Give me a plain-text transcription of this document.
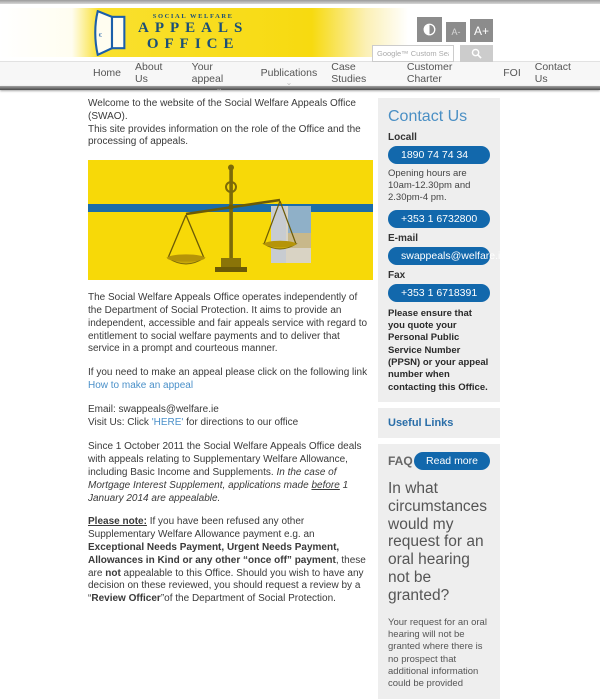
€
SOCIAL WELFARE
APPEALS
OFFICE
A-	A+
Google™ Custom Search
Home About Us
Your appeal
⌄
Publications
⌄
Case Studies
Customer Charter	FOI Contact Us

Welcome to the website of the Social Welfare Appeals Office (SWAO).
This site provides information on the role of the Office and the processing of appeals.

The Social Welfare Appeals Office operates independently of the Department of Social Protection. It aims to provide an independent, accessible and fair appeals service with regard to entitlement to social welfare payments and to deliver that service in a prompt and courteous manner.

If you need to make an appeal please click on the following link How to make an appeal

Email: swappeals@welfare.ie
Visit Us: Click 'HERE' for directions to our office

Since 1 October 2011 the Social Welfare Appeals Office deals with appeals relating to Supplementary Welfare Allowance, including Basic Income and Supplements. In the case of Mortgage Interest Supplement, applications made before 1 January 2014 are appealable.

Please note: If you have been refused any other Supplementary Welfare Allowance payment e.g. an Exceptional Needs Payment, Urgent Needs Payment, Allowances in Kind or any other “once off” payment, these are not appealable to this Office. Should you wish to have any decision on these reviewed, you should request a review by a “Review Officer”of the Department of Social Protection.

Contact Us
Locall
1890 74 74 34
Opening hours are 10am-12.30pm and 2.30pm-4 pm.
+353 1 6732800
E-mail
swappeals@welfare.ie
Fax
+353 1 6718391
Please ensure that you quote your Personal Public Service Number (PPSN) or your appeal number when contacting this Office.
Useful Links
FAQ	Read more
In what circumstances would my request for an oral hearing not be granted?
Your request for an oral hearing will not be granted where there is no prospect that additional information could be provided
